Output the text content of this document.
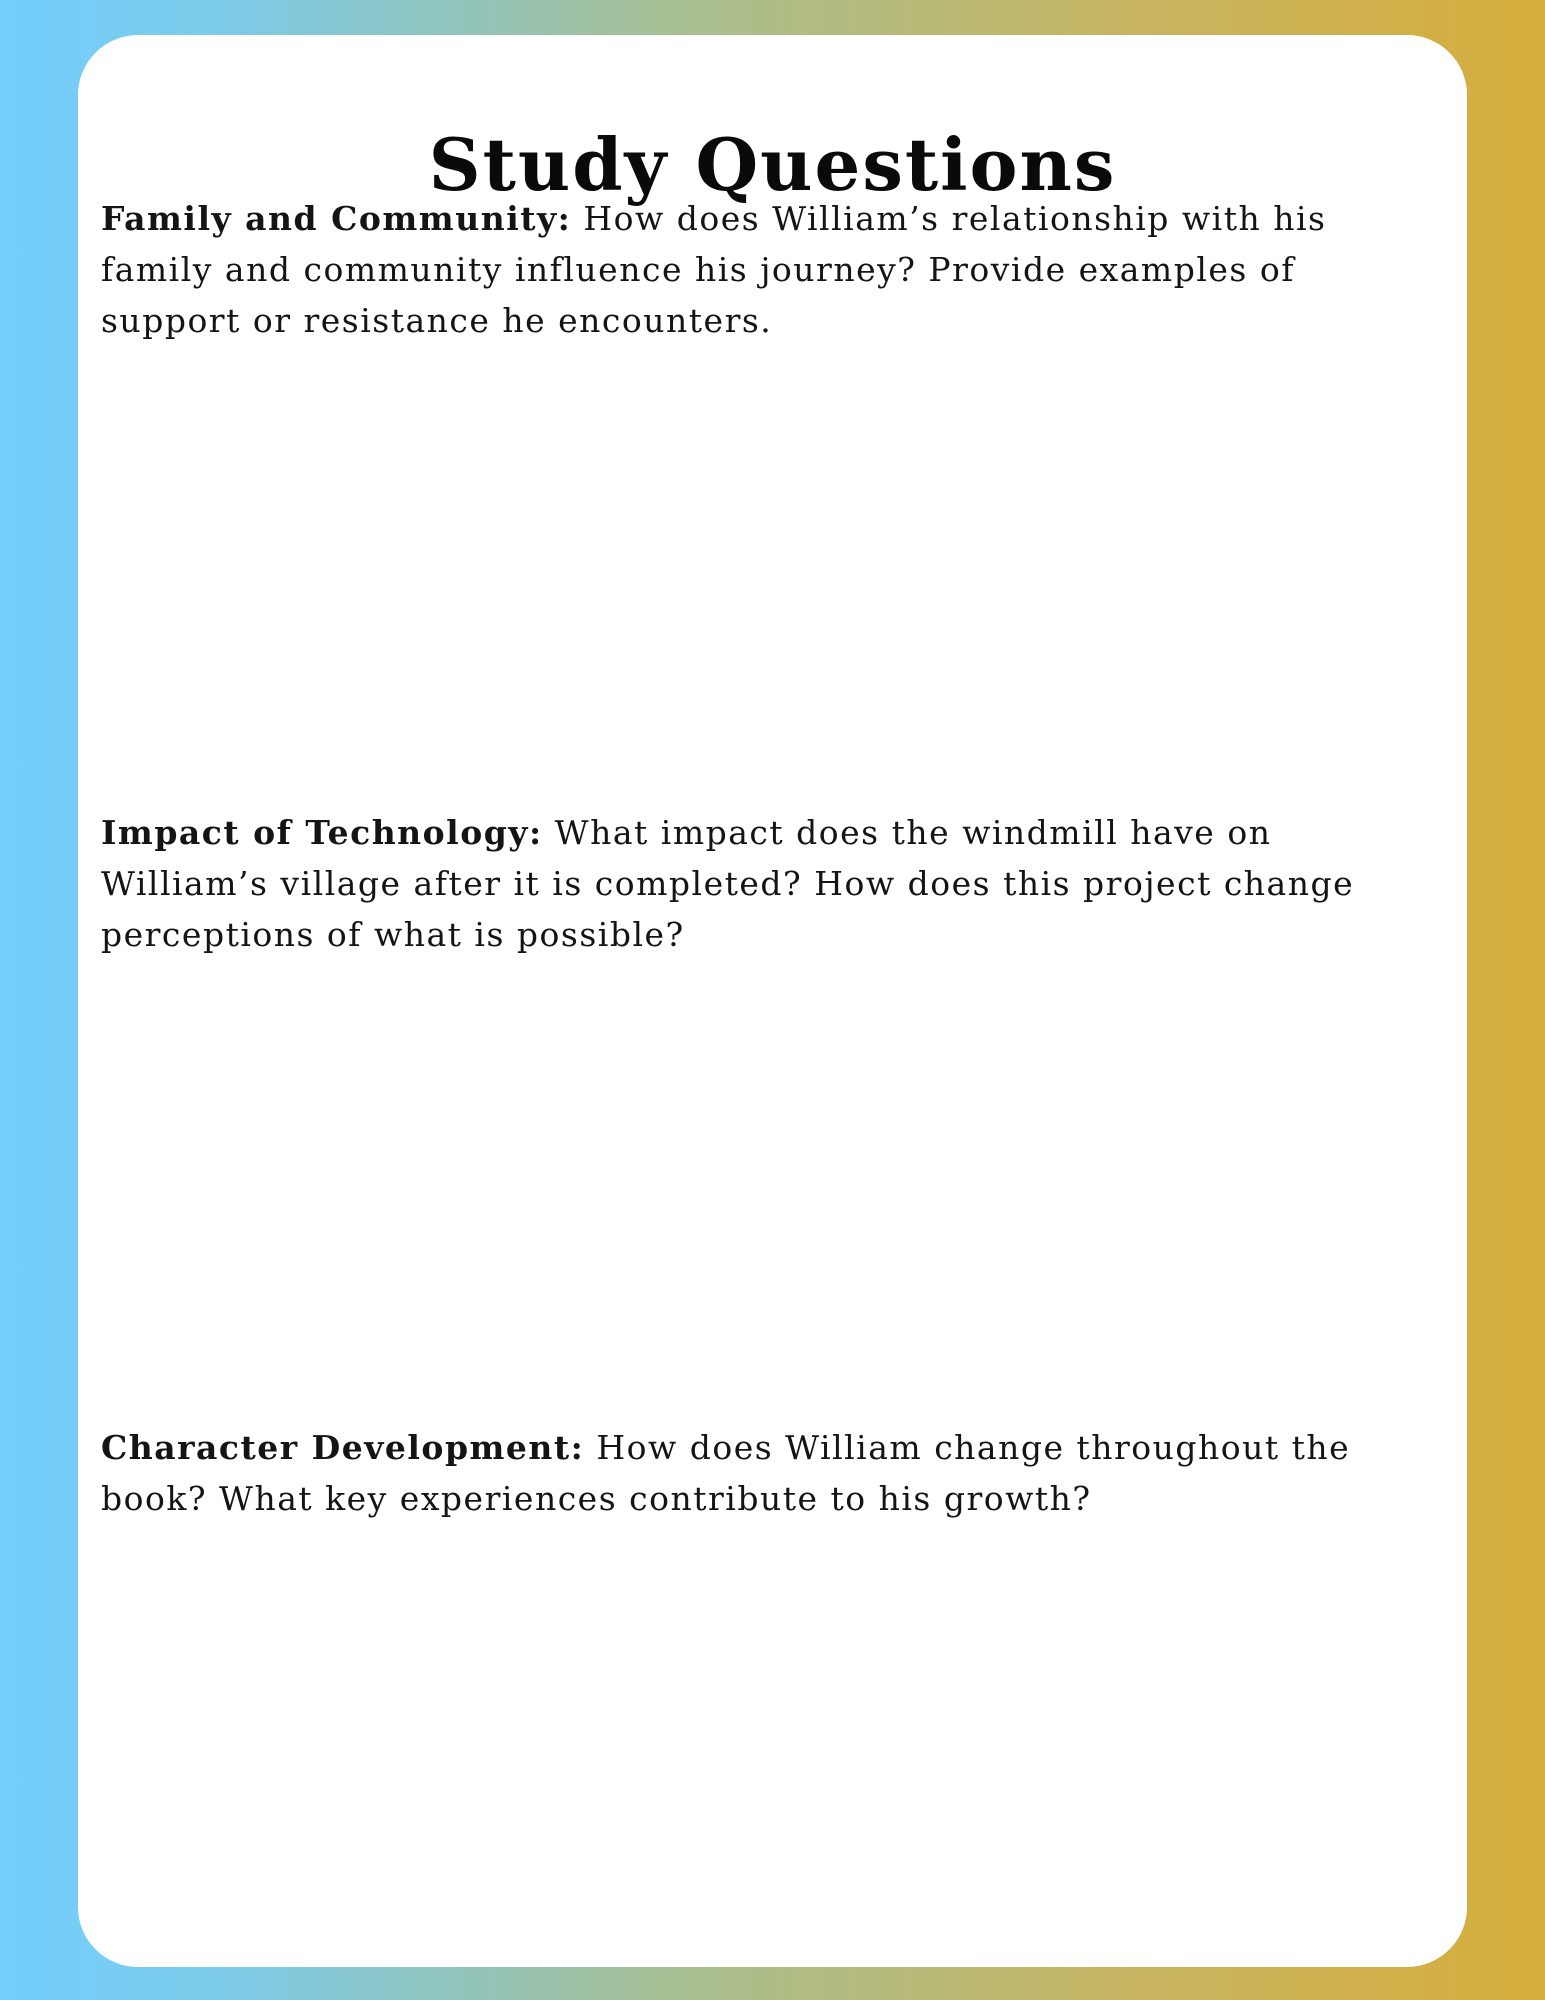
Study Questions

Family and Community: How does William’s relationship with his family and community influence his journey? Provide examples of support or resistance he encounters.

Impact of Technology: What impact does the windmill have on William’s village after it is completed? How does this project change perceptions of what is possible?

Character Development: How does William change throughout the book? What key experiences contribute to his growth?
